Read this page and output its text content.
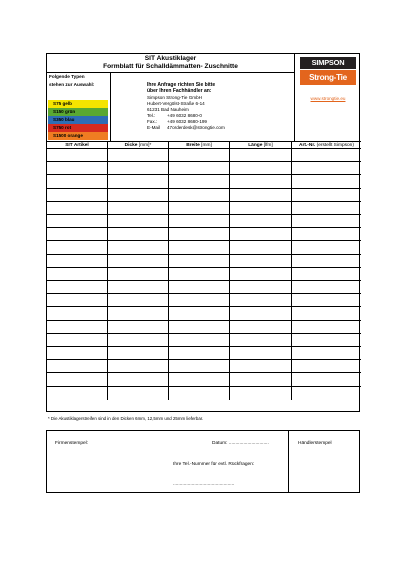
SIT Akustiklager
Formblatt für Schalldämmatten- Zuschnitte	SIMPSON
Strong-Tie
www.strongtie.eu
Folgende Typen
stehen zur Auswahl:
S75 gelb
S150 grün
S350 blau
S750 rot
S1500 orange
Ihre Anfrage richten Sie bitte
über Ihren Fachhändler an:
Simpson Strong-Tie GmbH
Hubert-Vergölst-Straße 6-14
61231 Bad Nauheim
Tel.:	+49 6032 8680-0
Fax.: +49 6032 8680-199
E-Mail 47orderdesk@strongtie.com
SIT Artikel	Dicke [mm]*	Breite [mm]	Länge [lfm]	Art.-Nr. (erstellt Simpson)
* Die Akustiklagerstreifen sind in den Dicken 6mm, 12,5mm und 25mm lieferbar.
Firmenstempel:	Datum: ..............................
Ihre Tel.-Nummer für evtl. Rückfragen:
..............................................
Händlerstempel
